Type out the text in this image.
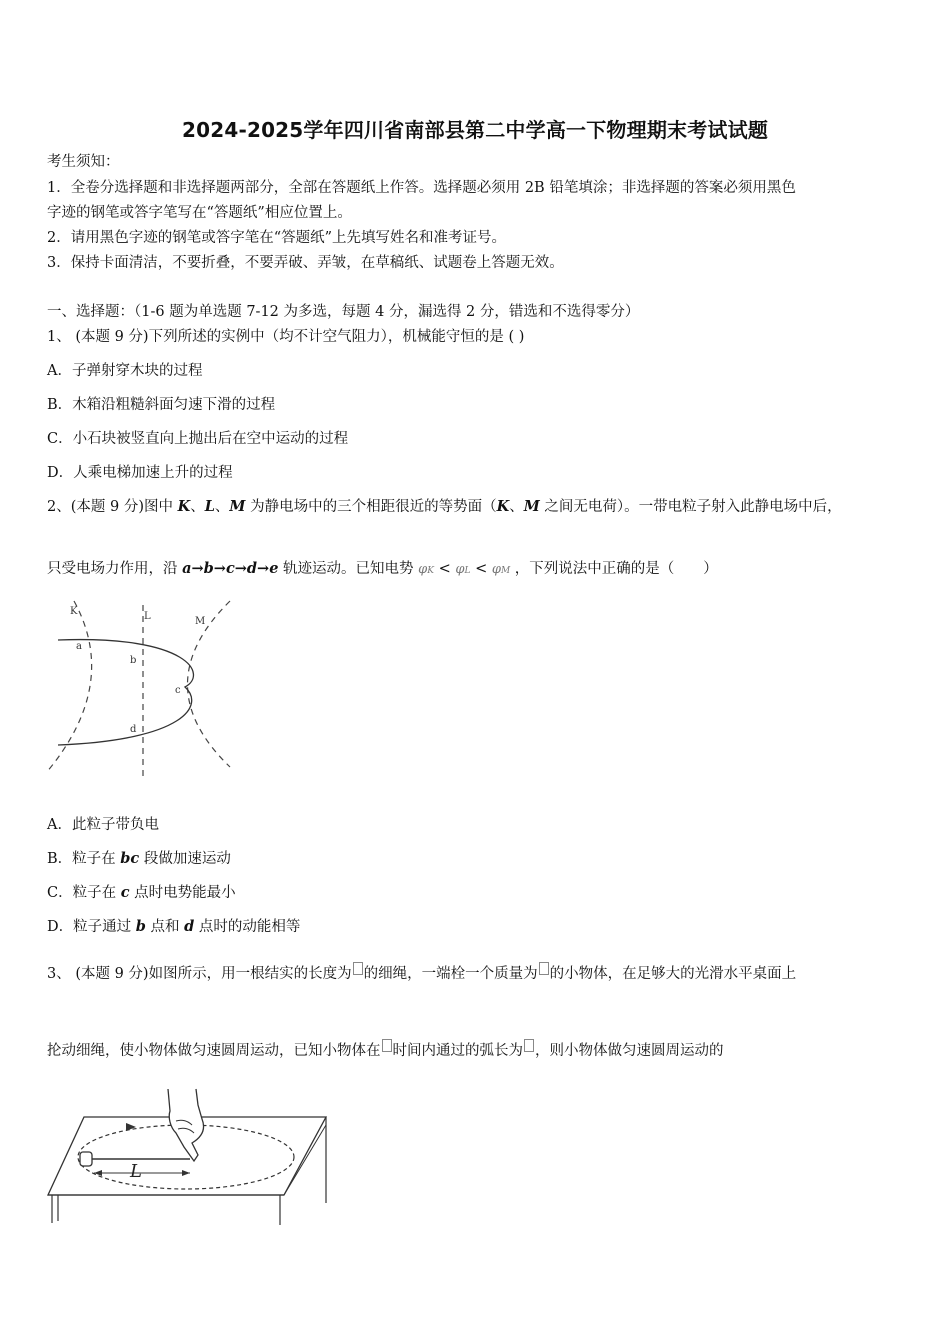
2024-2025学年四川省南部县第二中学高一下物理期末考试试题
考生须知：
1．全卷分选择题和非选择题两部分，全部在答题纸上作答。选择题必须用 2B 铅笔填涂；非选择题的答案必须用黑色
字迹的钢笔或答字笔写在“答题纸”相应位置上。
2．请用黑色字迹的钢笔或答字笔在“答题纸”上先填写姓名和准考证号。
3．保持卡面清洁，不要折叠，不要弄破、弄皱，在草稿纸、试题卷上答题无效。
一、选择题：（1-6 题为单选题 7-12 为多选，每题 4 分，漏选得 2 分，错选和不选得零分）
1、 (本题 9 分)下列所述的实例中（均不计空气阻力），机械能守恒的是 ( )
A．子弹射穿木块的过程
B．木箱沿粗糙斜面匀速下滑的过程
C．小石块被竖直向上抛出后在空中运动的过程
D．人乘电梯加速上升的过程
2、(本题 9 分)图中 K、L、M 为静电场中的三个相距很近的等势面（K、M 之间无电荷）。一带电粒子射入此静电场中后，
只受电场力作用，沿 a→b→c→d→e 轨迹运动。已知电势 φK < φL < φM ，下列说法中正确的是（　　）
K	L	M
a
b
c
d
A．此粒子带负电
B．粒子在 bc 段做加速运动
C．粒子在 c 点时电势能最小
D．粒子通过 b 点和 d 点时的动能相等
3、 (本题 9 分)如图所示，用一根结实的长度为 的细绳，一端栓一个质量为 的小物体，在足够大的光滑水平桌面上
抡动细绳，使小物体做匀速圆周运动，已知小物体在 时间内通过的弧长为 ，则小物体做匀速圆周运动的
L
